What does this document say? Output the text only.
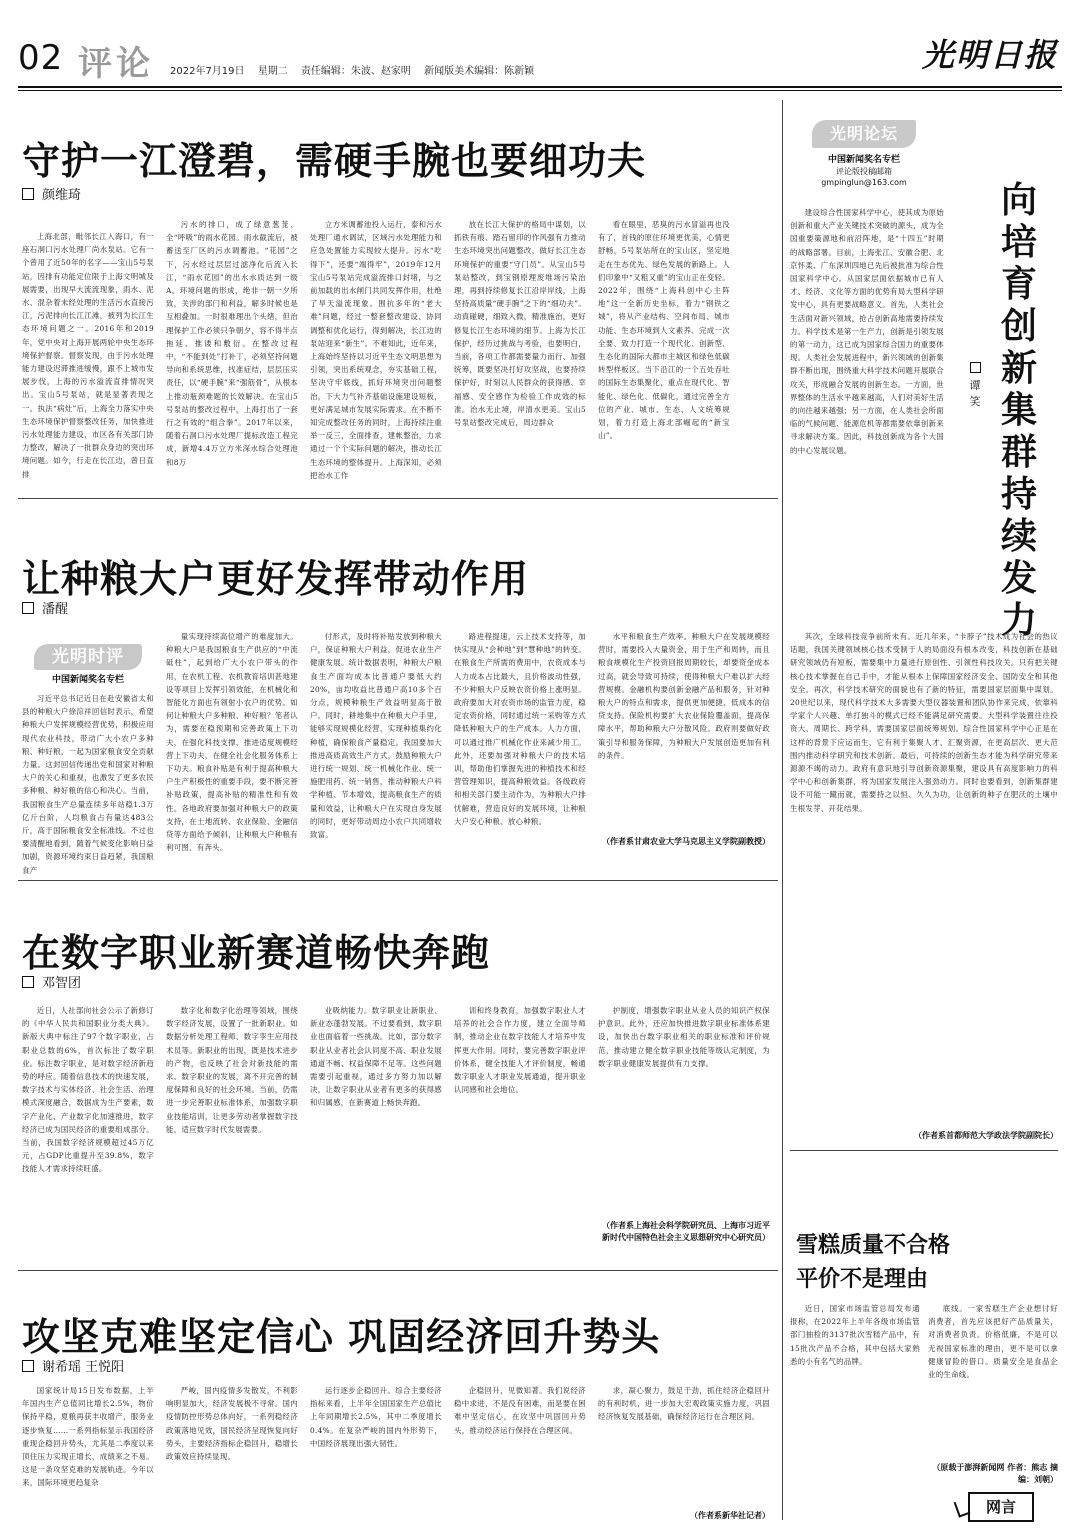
02 评论 2022年7月19日 星期二 责任编辑：朱波、赵家明 新闻版美术编辑：陈新颖	光明日报
守护一江澄碧，需硬手腕也要细功夫
颜维琦

上海北部，毗邻长江入海口，有一座石洞口污水处理厂尚水泵站。它有一个曾用了近50年的名字——宝山5号泵站，因排有功能定位限于上海文明城及展需要，出现早大流流现象，雨水、泥水、混杂着未经处理的生活污水直接污江，污泥排向长江江滩，被列为长江生态环境问题之一。2016年和2019年，党中央对上海开展两轮中央生态环境保护督察。督察发现，由于污水处理能力建设迟滞推进缓慢，跟不上城市发展步伐，上海的污水溢流直排情况突出。宝山5号泵站，就是显著表现之一。执法“病灶”后，上海全力落实中央生态环境保护督察整改任务，加快推进污水处理能力建设，市区各有关部门协力整改，解决了一批群众身边的突出环境问题。如今，行走在长江边，曾日直排

污水的排口，成了绿意葱茏、全“呼吸”的雨水花园。雨水截流后，被蓄送至厂区的污水调蓄池。“花园”之下，污水经过层层过滤净化后流入长江，“雨水花园”的出水水质达到一级A。环境问题的形成，绝非一朝一夕所致，关涉的部门和利益，解多时候也是互相叠加。一时很难理出个头绪，但治理保护工作必须只争朝夕，容不得半点拖延、推诿和敷衍。在整改过程中，“不能到处”打补丁，必须坚持问题导向和系统思维，找准症结，层层压实责任，以“硬手腕”来“强筋骨”，从根本上推动瓶颈难题的长效解决。在宝山5号泵站的整改过程中，上海打出了一套行之有效的“组合拳”。2017年以来，随着石洞口污水处理厂提标改造工程完成，新增4.4万立方米深水综合处理池和8万

立方米调蓄池投入运行，泰和污水处理厂通水调试，区域污水处理能力和应急处置能力实现较大提升。污水“吃得下”，还要“端得牢”，2019年12月宝山5号泵站完成溢流排口封堵，与之前加载的出水闸门共同发挥作用，杜绝了旱天溢流现象。围抗多年的“老大难”问题，经过一整套整改建设、协同调整和优化运行，得到解决，长江边的泵站迎来“新生”。不难知此，近年来，上海始终坚持以习近平生态文明思想为引领，突出系统观念，夯实基础工程，坚决守牢底线，抓好环境突出问题整治，下大力气补齐基础设施建设短板，更好满足城市发展实际需求。在不断不知完成整改任务的同时，上海持续注重举一反三，全面排查，建帐整治，力求通过一个个实际问题的解决，推动长江生态环境的整体提升。上海深知，必须把治水工作

放在长江大保护的格局中谋划，以抓铁有痕、踏石留印的作风强有力推动生态环境突出问题整改，做好长江生态环境保护的重要“守门员”。从宝山5号泵站整改，到宝钢原理废堆场污染治理，再到持续修复长江沿岸岸线，上海坚持高质量“硬手腕”之下的“细功夫”。动真碰硬，细致入微，精准施治，更好修复长江生态环境的细节。上海为长江保护，经历过挑战与考验，也要明白，当前，各项工作都需要量力而行、加强统筹，既要坚决打好攻坚战，也要持续保护好，时刻以人民群众的获得感、幸福感、安全感作为检验工作成效的标准。治水无止境，岸清水更美。宝山5号泵站整改完成后，周边群众

看在眼里，恶臭的污水冒溢再也没有了，首钱的原住环境更优美，心情更舒畅。5号泵站所在的宝山区，坚定地走在生态优先、绿色发展的新路上。人们印象中“又粗又重”的宝山正在变轻。2022年，围绕“上海科创中心主阵地”这一全新历史坐标，着力“钢铁之城”，将从产业结构、空间布局、城市功能、生态环境到人文素养、完成一次全要、致力打造一个现代化、创新型、生态化的国际大都市主城区和绿色低碳转型样板区。当下沿江的一个五处吞吐的国际生态集聚化，重点在现代化、智能化、绿色化、低碳化，通过完善全方位的产业、城市、生态、人文统筹规划，着力打造上海北部崛起的“新宝山”。

光明论坛
中国新闻奖名专栏
评论版投稿邮箱
gmpinglun@163.com	向培育创新集群持续发力

谭笑

建设综合性国家科学中心，使其成为原始创新和重大产业关键技术突破的源头，成为全国重要策源地和前沿阵地，是“十四五”时期的战略部署。目前，上海张江、安徽合肥、北京怀柔、广东深圳四地已先后被批准为综合性国家科学中心。从国家层面依据城市已有人才、经济、文化等方面的优势有局大型科学研发中心，具有更要战略意义。首先，人类社会生活面对新兴领域，抢占创新高地需要持续发力。科学技术是第一生产力，创新是引领发展的第一动力，这已成为国家综合国力的重要体现。人类社会发展进程中，新兴领域的创新集群不断出现，围绕重大科学技术问题开展联合攻关，形成融合发展的创新生态。一方面，世界整体的生活水平越来越高，人们对美好生活的向往越来越强；另一方面，在人类社会所面临的气候问题、能源危机等都需要依靠创新来寻求解决方案。因此，科技创新成为各个大国的中心发展议题。

其次，全球科技竞争前所未有。近几年来，“卡脖子”技术成为社会的热议话题，我国关键领域核心技术受制于人的局面没有根本改变，科技创新在基础研究领域仍有短板，需要集中力量进行原创性、引领性科技攻关。只有把关键核心技术掌握在自己手中，才能从根本上保障国家经济安全、国防安全和其他安全。再次，科学技术研究的面貌也有了新的特征，需要国家层面集中谋划。20世纪以来，现代科学技术大多需要大型仪器装置和团队协作来完成，依靠科学家个人兴趣、单打独斗的模式已经不能满足研究需要。大型科学装置往往投资大、周期长、跨学科，需要国家层面统筹规划。综合性国家科学中心正是在这样的背景下应运而生，它有利于集聚人才、汇聚资源，在更高层次、更大范围内推动科学研究和技术创新。最后，可持续的创新生态才能为科学研究带来源源不竭的动力。政府有意识地引导创新资源集聚，建设具有高度影响力的科学中心和创新集群，将为国家发展注入强劲动力。同时也要看到，创新集群建设不可能一蹴而就，需要持之以恒、久久为功，让创新的种子在肥沃的土壤中生根发芽、开花结果。

（作者系首都师范大学政法学院副院长）
让种粮大户更好发挥带动作用
潘醒
光明时评
中国新闻奖名专栏

习近平总书记近日在赴安徽省太和县的种粮大户徐淙祥回信时表示，希望种粮大户发挥规模经营优势，积极应用现代农业科技，带动广大小农户多种粮、种好粮，一起为国家粮食安全贡献力量。这封回信传递出党和国家对种粮大户的关心和重视，也激发了更多农民多种粮、种好粮的信心和决心。当前，我国粮食生产总量连续多年站稳1.3万亿斤台阶，人均粮食占有量达483公斤，高于国际粮食安全标准线。不过也要清醒地看到，随着气候变化影响日益加剧，资源环境约束日益趋紧，我国粮食产

量实现持续高位增产的难度加大。种粮大户是我国粮食生产供应的“中流砥柱”，起到给广大小农户带头的作用，在农机工程、农机教育培训甚地建设等项目上发挥引领效能，在机械化和智能化方面也有领射小农户的优势。如何让种粮大户多种粮、种好粮？笔者认为，需要在稳预期和完善政策上下功夫，在强化科技支撑、推进适度规模经营上下功夫，在健全社会化服务体系上下功夫。粮食补贴是有利于提高种粮大户生产积极性的重要手段，要不断完善补贴政策，提高补贴的精准性和有效性。各地政府要加强对种粮大户的政策支持，在土地流转、农业保险、金融信贷等方面给予倾斜，让种粮大户种粮有利可图、有奔头。

付形式，及时将补贴发放到种粮大户，保证种粮大户利益，促进农业生产健康发展。统计数据表明，种粮大户粮食生产面均成本比普通户要低大约20%，亩均收益比普通户高10多个百分点，规模种粮生产效益明显高于散户。同时，耕地集中在种粮大户手里，能够实现规模化经营，实现种植集约化种植，确保粮食产量稳定。我国要加大推进高质高效生产方式，鼓励种粮大户进行统一规划、统一机械化作业、统一施肥用药、统一销售，推动种粮大户科学种植、节本增效，提高粮食生产的质量和效益，让种粮大户在实现自身发展的同时，更好带动周边小农户共同增收致富。

路进程提速，云上技术支持等，加快实现从“会种地”到“慧种地”的转变。在粮食生产所需的费用中，农资成本与人力成本占比最大，且价格波动性强，不少种粮大户反映农资价格上涨明显。政府要加大对农资市场的监管力度，稳定农资价格，同时通过统一采购等方式降低种粮大户的生产成本。人力方面，可以通过推广机械化作业来减少用工。此外，还要加强对种粮大户的技术培训，帮助他们掌握先进的种植技术和经营管理知识，提高种粮效益。各级政府和相关部门要主动作为，为种粮大户排忧解难，营造良好的发展环境，让种粮大户安心种粮、放心种粮。

水平和粮食生产效率。种粮大户在发展规模经营时，需要投入大量资金，用于生产和周转，而且粮食规模化生产投资回报周期较长，却要资金成本过高，就会导致可持续，使得种粮大户难以扩大经营规模。金融机构要创新金融产品和服务，针对种粮大户的特点和需求，提供更加便捷、低成本的信贷支持。保险机构要扩大农业保险覆盖面，提高保障水平，帮助种粮大户分散风险。政府则要做好政策引导和服务保障，为种粮大户发展创造更加有利的条件。

（作者系甘肃农业大学马克思主义学院副教授）
在数字职业新赛道畅快奔跑
邓智团

近日，人社部向社会公示了新修订的《中华人民共和国职业分类大典》。新版大典中标注了97个数字职业，占职业总数的6%，首次标注了数字职业。标注数字职业，是对数字经济新趋势的呼应。随着信息技术的快速发展，数字技术与实体经济、社会生活、治理模式深度融合，数据成为生产要素，数字产业化、产业数字化加速推进，数字经济已成为国民经济的重要组成部分。当前，我国数字经济规模超过45万亿元，占GDP比重提升至39.8%，数字技能人才需求持续旺盛。

数字化和数字化治理等领域，围绕数字经济发展，设置了一批新职业。如数据分析处理工程师、数字孪生应用技术员等。新职业的出现，既是技术进步的产物，也反映了社会对新技能的需求。数字职业的发展，离不开完善的制度保障和良好的社会环境。当前，仍需进一步完善职业标准体系，加强数字职业技能培训，让更多劳动者掌握数字技能，适应数字时代发展需要。

业吸纳能力。数字职业让新职业、新业态蓬勃发展。不过要看到，数字职业也面临着一些挑战。比如，部分数字职业从业者社会认同度不高、职业发展通道不畅、权益保障不足等。这些问题需要引起重视，通过多方努力加以解决，让数字职业从业者有更多的获得感和归属感，在新赛道上畅快奔跑。

训和终身教育，加强数字职业人才培养的社会合作力度，建立全面导师制，推动企业在数字技能人才培养中发挥更大作用。同时，要完善数字职业评价体系，健全技能人才评价制度，畅通数字职业人才职业发展通道，提升职业认同感和社会地位。

护制度，增强数字职业从业人员的知识产权保护意识。此外，还应加快推进数字职业标准体系建设，加快出台数字职业相关的职业标准和评价规范，推动建立健全数字职业技能等级认定制度，为数字职业健康发展提供有力支撑。

（作者系上海社会科学院研究员、上海市习近平新时代中国特色社会主义思想研究中心研究员）
攻坚克难坚定信心 巩固经济回升势头
谢希瑶 王悦阳

国家统计局15日发布数据，上半年国内生产总值同比增长2.5%，物价保持平稳，夏粮再获丰收增产，服务业逐步恢复……一系列指标显示我国经济重现企稳回升势头，尤其是二季度以来顶住压力实现正增长，成绩来之不易。这是一条攻坚克难的发展轨迹。今年以来，国际环境更趋复杂

严峻，国内疫情多发散发，不利影响明显加大，经济发展极不寻常。国内疫情防控形势总体向好，一系列稳经济政策落地见效，国民经济呈现恢复向好势头，主要经济指标企稳回升，稳增长政策效应持续显现。

运行逐步企稳回升。综合主要经济指标来看，上半年全国国家生产总值比上年同期增长2.5%，其中二季度增长0.4%。在复杂严峻的国内外形势下，中国经济展现出强大韧性。

企稳回升，见微知著。我们说经济稳中求进，不是没有困难，而是要在困难中坚定信心，在攻坚中巩固回升势头，推动经济运行保持在合理区间。

求，凝心聚力，鼓足干劲，抓住经济企稳回升的有利时机，进一步加大宏观政策实施力度，巩固经济恢复发展基础，确保经济运行在合理区间。

（作者系新华社记者）
雪糕质量不合格
平价不是理由

近日，国家市场监管总局发布通报称，在2022年上半年各级市场监管部门抽检的3137批次雪糕产品中，有15批次产品不合格，其中包括大家熟悉的小有名气的品牌。

底线。一家雪糕生产企业想讨好消费者，首先应该把好产品质量关，对消费者负责。价格低廉，不是可以无视国家标准的理由，更不是可以拿健康冒险的借口。质量安全是食品企业的生命线。

（原载于澎湃新闻网 作者：熊志 摘编：刘朝）
网言
